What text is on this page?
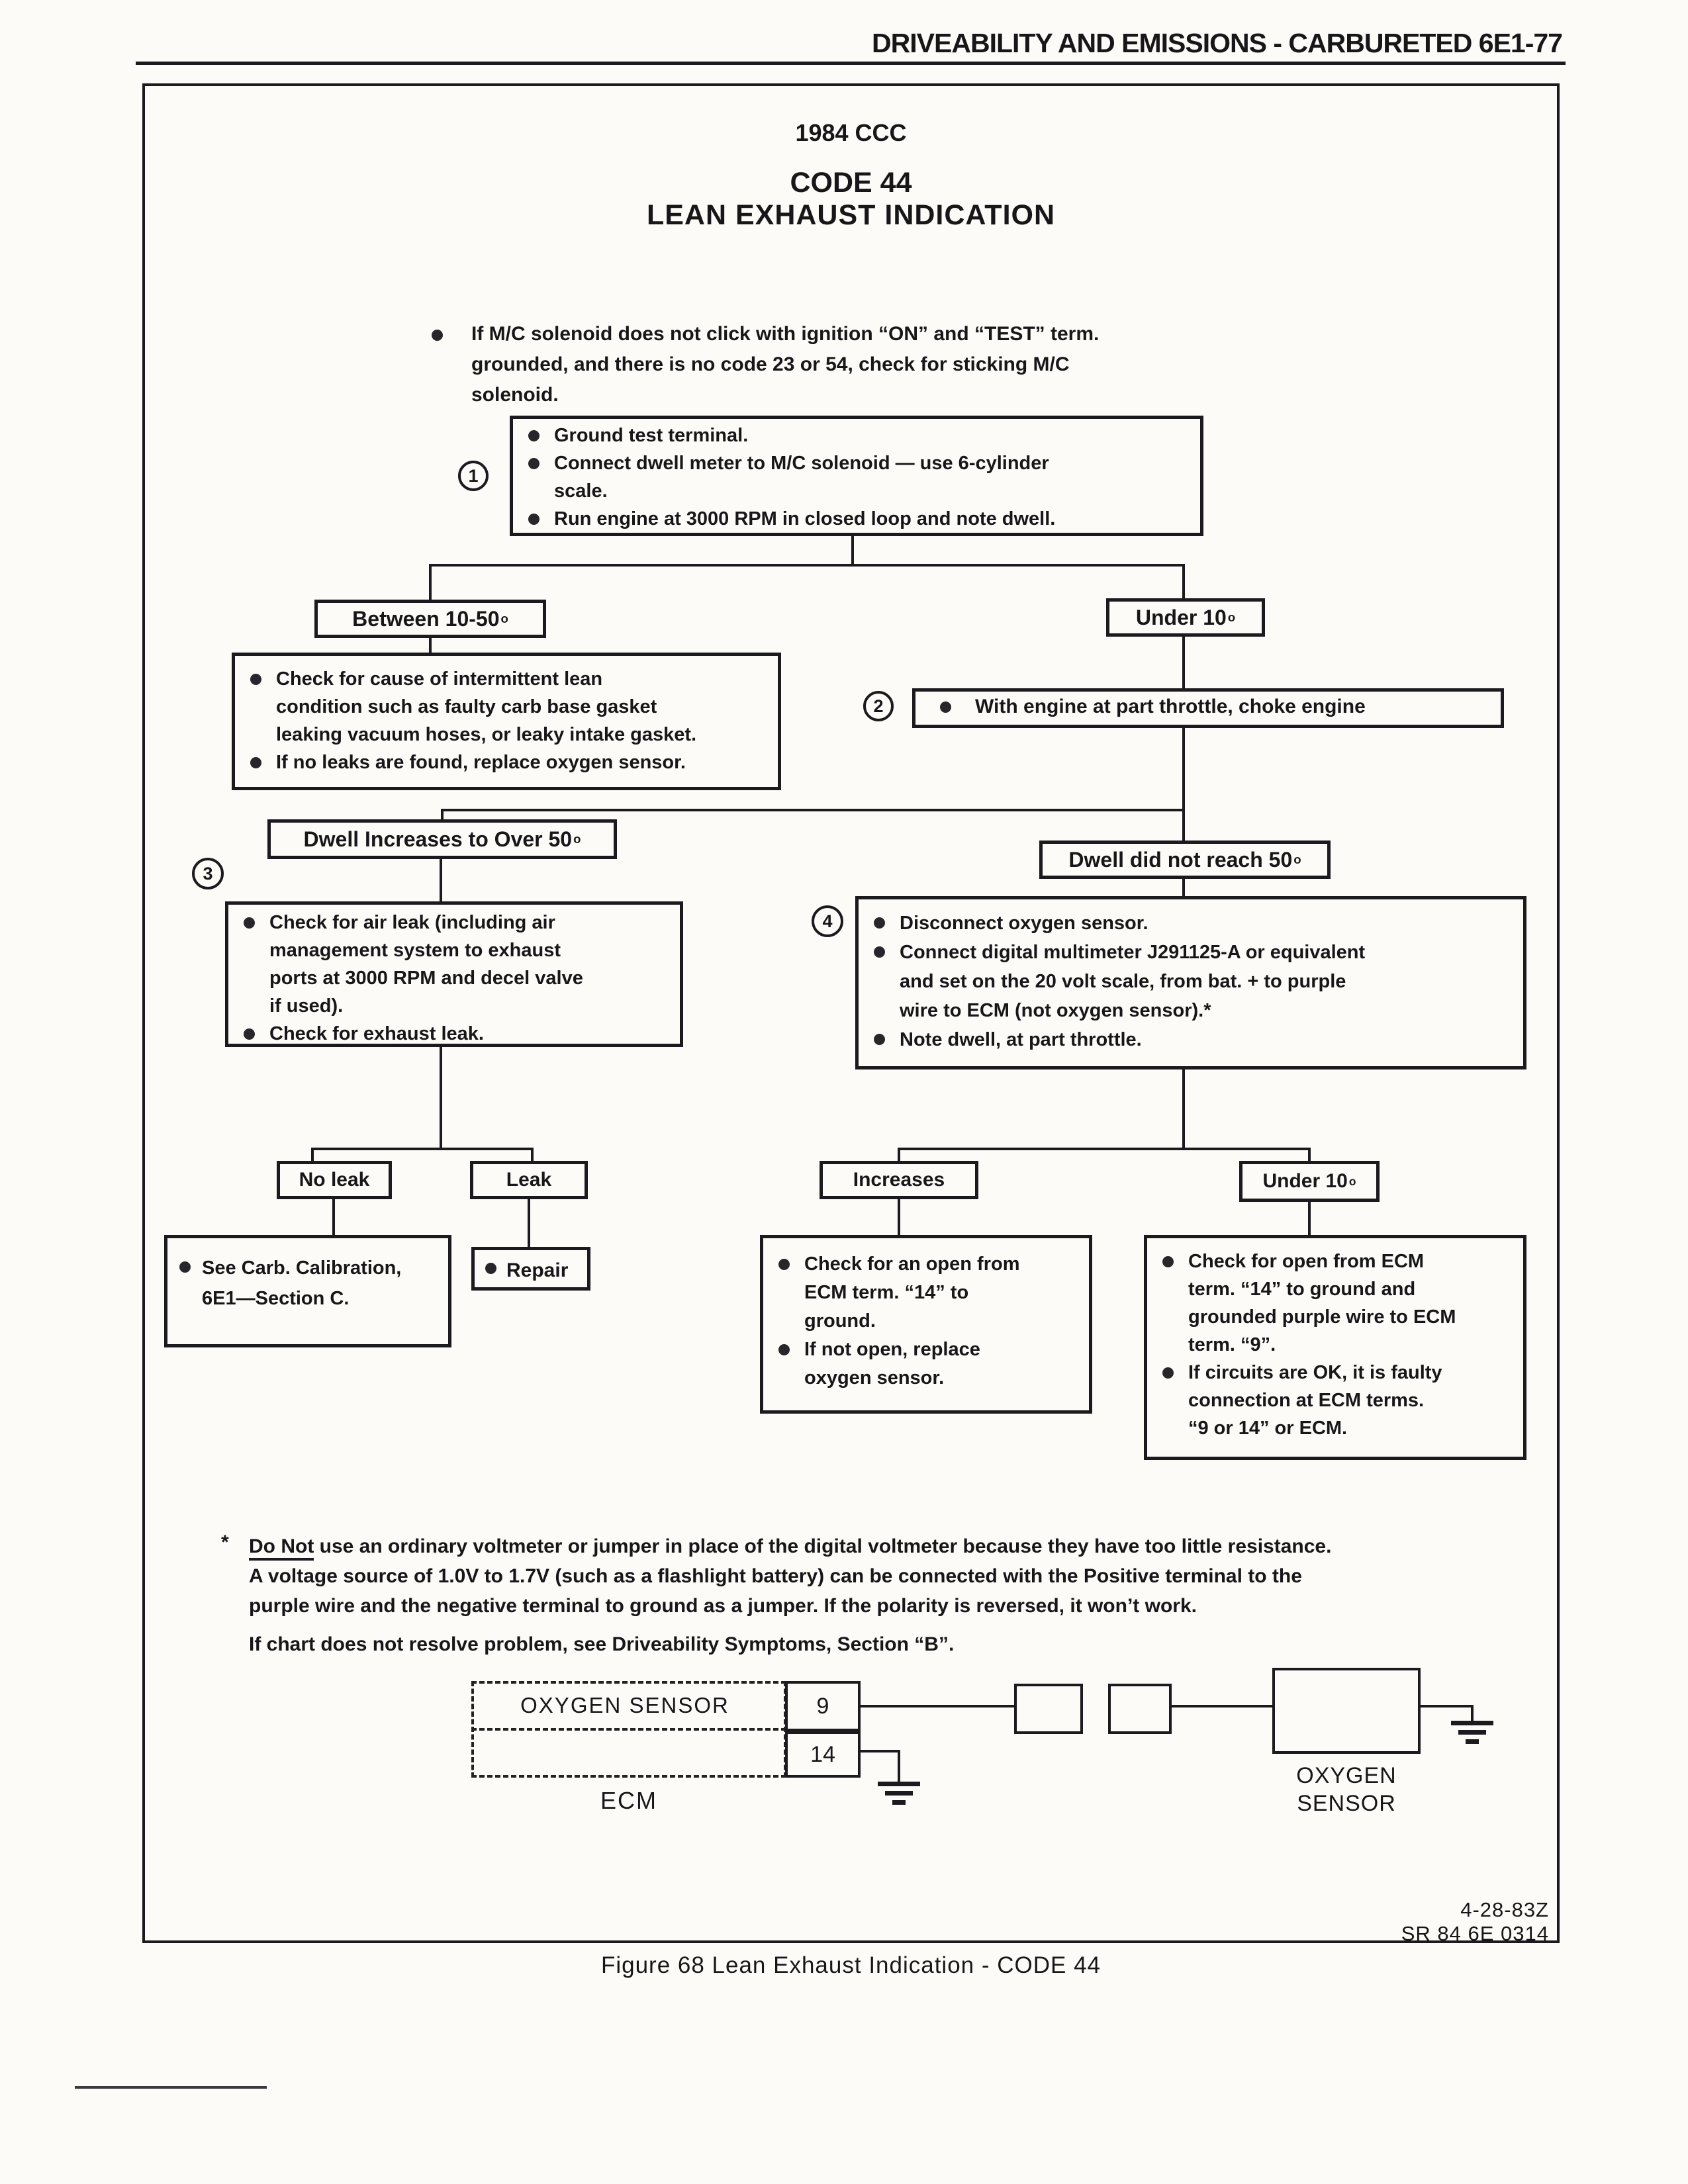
DRIVEABILITY AND EMISSIONS - CARBURETED 6E1-77
1984 CCC
CODE 44
LEAN EXHAUST INDICATION
If M/C solenoid does not click with ignition “ON” and “TEST” term.
grounded, and there is no code 23 or 54, check for sticking M/C
solenoid.
1
Ground test terminal.
Connect dwell meter to M/C solenoid — use 6-cylinder
scale.
Run engine at 3000 RPM in closed loop and note dwell.
Between 10-50 o	Under 10 o
Check for cause of intermittent lean
condition such as faulty carb base gasket
leaking vacuum hoses, or leaky intake gasket.
If no leaks are found, replace oxygen sensor.
2	With engine at part throttle, choke engine
Dwell Increases to Over 50 o
Dwell did not reach 50 o
3
Check for air leak (including air
management system to exhaust
ports at 3000 RPM and decel valve
if used).
Check for exhaust leak.
4	Disconnect oxygen sensor.
Connect digital multimeter J291125-A or equivalent
and set on the 20 volt scale, from bat. + to purple
wire to ECM (not oxygen sensor).*
Note dwell, at part throttle.
No leak	Leak
See Carb. Calibration,
6E1—Section C.
Repair
Increases	Under 10 o
Check for an open from
ECM term. “14” to
ground.
If not open, replace
oxygen sensor.
Check for open from ECM
term. “14” to ground and
grounded purple wire to ECM
term. “9”.
If circuits are OK, it is faulty
connection at ECM terms.
“9 or 14” or ECM.
*	Do Not use an ordinary voltmeter or jumper in place of the digital voltmeter because they have too little resistance.
A voltage source of 1.0V to 1.7V (such as a flashlight battery) can be connected with the Positive terminal to the
purple wire and the negative terminal to ground as a jumper. If the polarity is reversed, it won’t work.
If chart does not resolve problem, see Driveability Symptoms, Section “B”.
OXYGEN SENSOR	9
14
ECM
OXYGEN
SENSOR
4-28-83Z
SR 84 6E 0314
Figure 68 Lean Exhaust Indication - CODE 44
